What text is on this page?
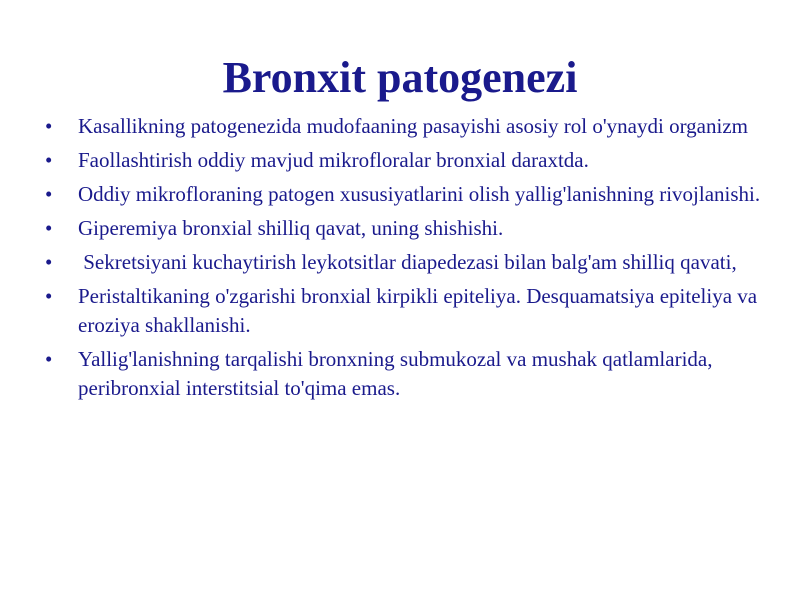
Bronxit patogenezi
•	Kasallikning patogenezida mudofaaning pasayishi asosiy rol o'ynaydi organizm
•	Faollashtirish oddiy mavjud mikrofloralar bronxial daraxtda.
•	Oddiy mikrofloraning patogen xususiyatlarini olish yallig'lanishning rivojlanishi.
•	Giperemiya bronxial shilliq qavat, uning shishishi.
•	Sekretsiyani kuchaytirish leykotsitlar diapedezasi bilan balg'am shilliq qavati,
•	Peristaltikaning o'zgarishi bronxial kirpikli epiteliya. Desquamatsiya epiteliya va eroziya shakllanishi.
•	Yallig'lanishning tarqalishi bronxning submukozal va mushak qatlamlarida, peribronxial interstitsial to'qima emas.
